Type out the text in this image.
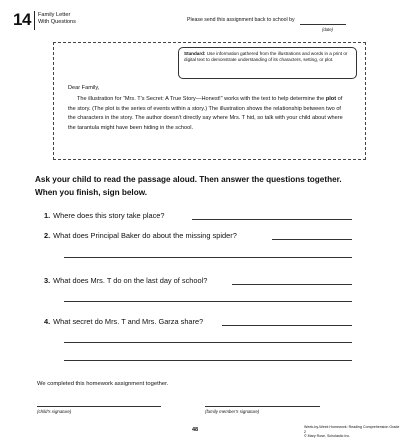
14 Family Letter
With Questions	Please send this assignment back to school by
(date)
Standard: Use information gathered from the illustrations and words in a print or digital text to demonstrate understanding of its characters, setting, or plot.
Dear Family,
The illustration for “Mrs. T’s Secret: A True Story—Honest!” works with the text to help determine the plot of the story. (The plot is the series of events within a story.) The illustration shows the relationship between two of the characters in the story. The author doesn’t directly say where Mrs. T hid, so talk with your child about where the tarantula might have been hiding in the school.
Ask your child to read the passage aloud. Then answer the questions together. When you finish, sign below.
1. Where does this story take place?
2. What does Principal Baker do about the missing spider?
3. What does Mrs. T do on the last day of school?
4. What secret do Mrs. T and Mrs. Garza share?
We completed this homework assignment together.
(child’s signature)	(family member’s signature)
48	Week-by-Week Homework: Reading Comprehension Grade 2
© Mary Rose, Scholastic Inc.
